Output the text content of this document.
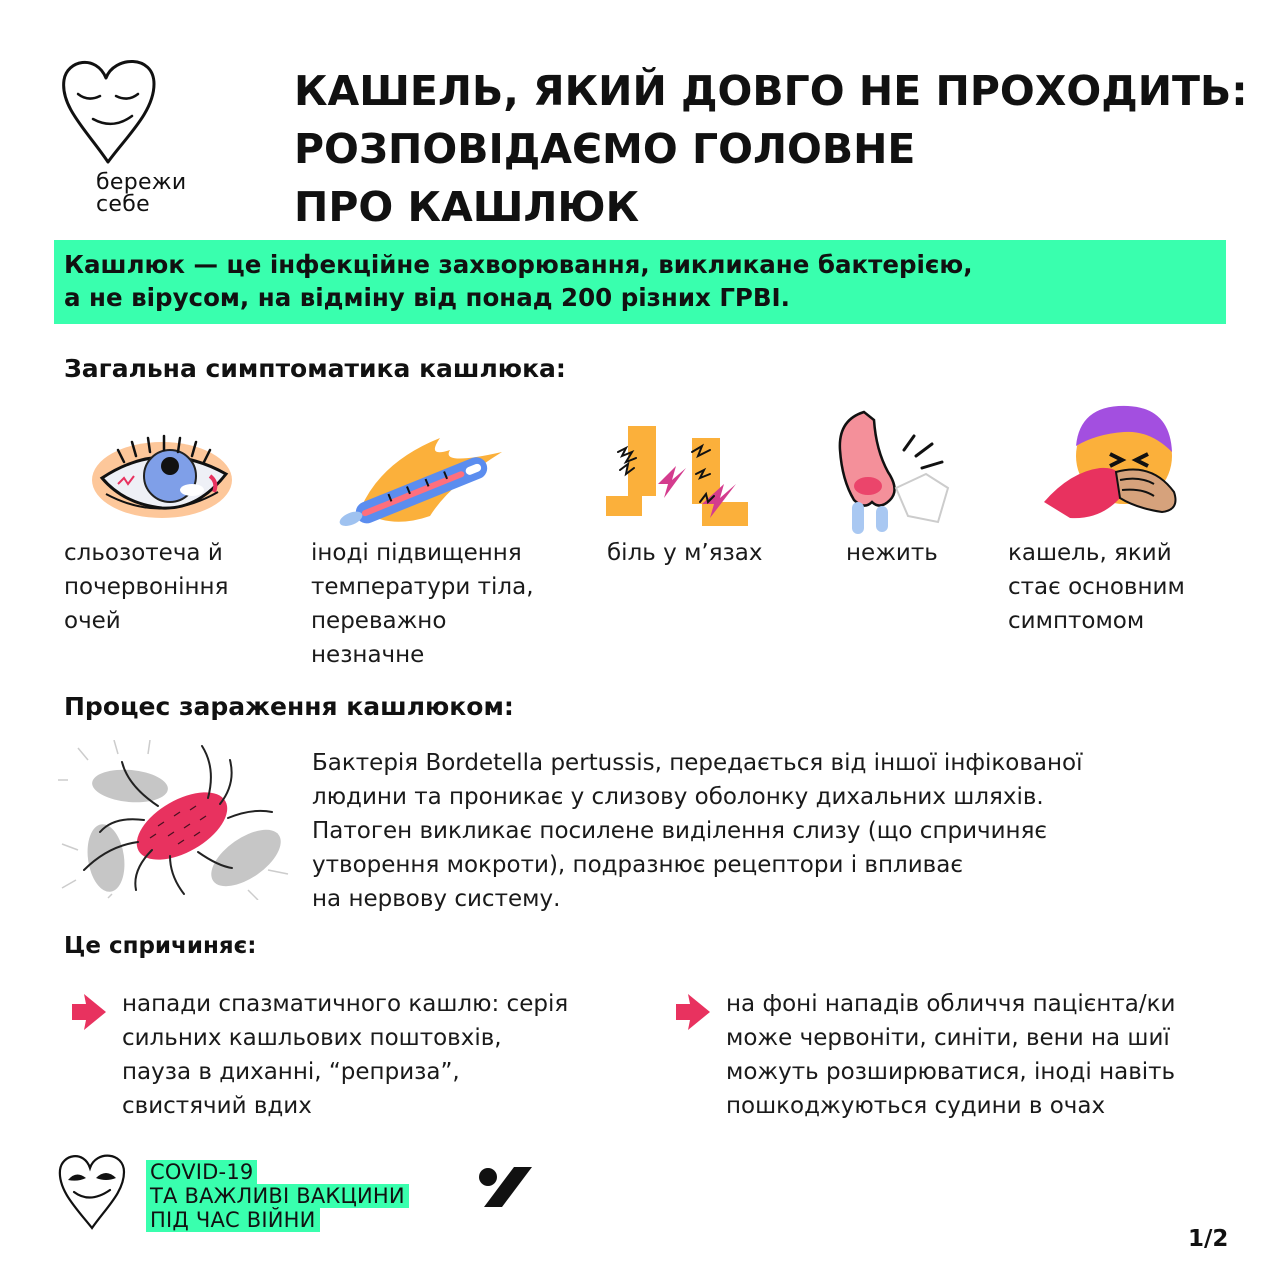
бережи
себе
КАШЕЛЬ, ЯКИЙ ДОВГО НЕ ПРОХОДИТЬ:
РОЗПОВІДАЄМО ГОЛОВНЕ
ПРО КАШЛЮК
Кашлюк — це інфекційне захворювання, викликане бактерією,
а не вірусом, на відміну від понад 200 різних ГРВІ.
Загальна симптоматика кашлюка:
сльозотеча й
почервоніння
очей
іноді підвищення
температури тіла,
переважно
незначне
біль у м’язах	нежить	кашель, який
стає основним
симптомом
Процес зараження кашлюком:
Бактерія Bordetella pertussis, передається від іншої інфікованої
людини та проникає у слизову оболонку дихальних шляхів.
Патоген викликає посилене виділення слизу (що спричиняє
утворення мокроти), подразнює рецептори і впливає
на нервову систему.
Це спричиняє:
напади спазматичного кашлю: серія
сильних кашльових поштовхів,
пауза в диханні, “реприза”,
свистячий вдих
на фоні нападів обличчя пацієнта/ки
може червоніти, синіти, вени на шиї
можуть розширюватися, іноді навіть
пошкоджуються судини в очах
COVID-19
ТА ВАЖЛИВІ ВАКЦИНИ
ПІД ЧАС ВІЙНИ
1/2
